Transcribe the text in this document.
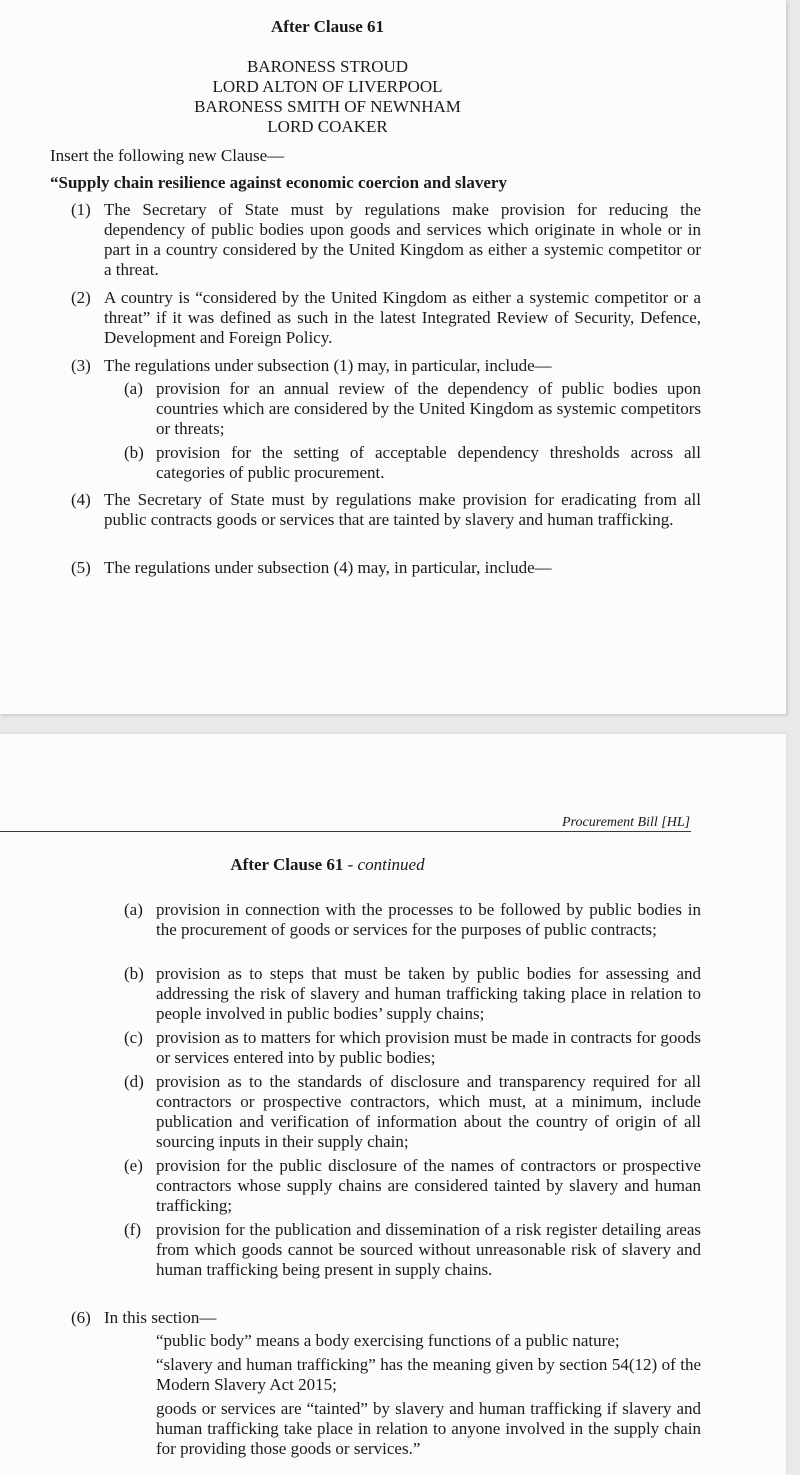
After Clause 61

BARONESS STROUD
LORD ALTON OF LIVERPOOL
BARONESS SMITH OF NEWNHAM
LORD COAKER

Insert the following new Clause—

“Supply chain resilience against economic coercion and slavery

(1) The Secretary of State must by regulations make provision for reducing the dependency of public bodies upon goods and services which originate in whole or in part in a country considered by the United Kingdom as either a systemic competitor or a threat.

(2) A country is “considered by the United Kingdom as either a systemic competitor or a threat” if it was defined as such in the latest Integrated Review of Security, Defence, Development and Foreign Policy.

(3) The regulations under subsection (1) may, in particular, include—

(a) provision for an annual review of the dependency of public bodies upon countries which are considered by the United Kingdom as systemic competitors or threats;

(b) provision for the setting of acceptable dependency thresholds across all categories of public procurement.

(4) The Secretary of State must by regulations make provision for eradicating from all public contracts goods or services that are tainted by slavery and human trafficking.

(5) The regulations under subsection (4) may, in particular, include—

Procurement Bill [HL]

After Clause 61 - continued

(a) provision in connection with the processes to be followed by public bodies in the procurement of goods or services for the purposes of public contracts;

(b) provision as to steps that must be taken by public bodies for assessing and addressing the risk of slavery and human trafficking taking place in relation to people involved in public bodies’ supply chains;

(c) provision as to matters for which provision must be made in contracts for goods or services entered into by public bodies;

(d) provision as to the standards of disclosure and transparency required for all contractors or prospective contractors, which must, at a minimum, include publication and verification of information about the country of origin of all sourcing inputs in their supply chain;

(e) provision for the public disclosure of the names of contractors or prospective contractors whose supply chains are considered tainted by slavery and human trafficking;

(f) provision for the publication and dissemination of a risk register detailing areas from which goods cannot be sourced without unreasonable risk of slavery and human trafficking being present in supply chains.

(6) In this section—

“public body” means a body exercising functions of a public nature;

“slavery and human trafficking” has the meaning given by section 54(12) of the Modern Slavery Act 2015;

goods or services are “tainted” by slavery and human trafficking if slavery and human trafficking take place in relation to anyone involved in the supply chain for providing those goods or services.”
